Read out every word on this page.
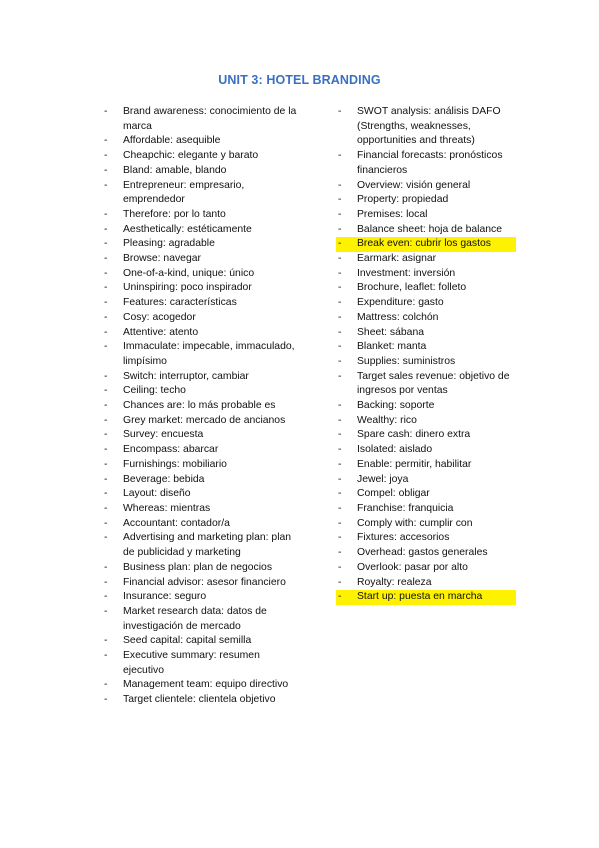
UNIT 3: HOTEL BRANDING
- Brand awareness: conocimiento de la marca
- Affordable: asequible
- Cheapchic: elegante y barato
- Bland: amable, blando
- Entrepreneur: empresario, emprendedor
- Therefore: por lo tanto
- Aesthetically: estéticamente
- Pleasing: agradable
- Browse: navegar
- One-of-a-kind, unique: único
- Uninspiring: poco inspirador
- Features: características
- Cosy: acogedor
- Attentive: atento
- Immaculate: impecable, immaculado, limpísimo
- Switch: interruptor, cambiar
- Ceiling: techo
- Chances are: lo más probable es
- Grey market: mercado de ancianos
- Survey: encuesta
- Encompass: abarcar
- Furnishings: mobiliario
- Beverage: bebida
- Layout: diseño
- Whereas: mientras
- Accountant: contador/a
- Advertising and marketing plan: plan de publicidad y marketing
- Business plan: plan de negocios
- Financial advisor: asesor financiero
- Insurance: seguro
- Market research data: datos de investigación de mercado
- Seed capital: capital semilla
- Executive summary: resumen ejecutivo
- Management team: equipo directivo
- Target clientele: clientela objetivo
- SWOT analysis: análisis DAFO (Strengths, weaknesses, opportunities and threats)
- Financial forecasts: pronósticos financieros
- Overview: visión general
- Property: propiedad
- Premises: local
- Balance sheet: hoja de balance
-	Break even: cubrir los gastos
- Earmark: asignar
- Investment: inversión
- Brochure, leaflet: folleto
- Expenditure: gasto
- Mattress: colchón
- Sheet: sábana
- Blanket: manta
- Supplies: suministros
- Target sales revenue: objetivo de ingresos por ventas
- Backing: soporte
- Wealthy: rico
- Spare cash: dinero extra
- Isolated: aislado
- Enable: permitir, habilitar
- Jewel: joya
- Compel: obligar
- Franchise: franquicia
- Comply with: cumplir con
- Fixtures: accesorios
- Overhead: gastos generales
- Overlook: pasar por alto
- Royalty: realeza
-	Start up: puesta en marcha
